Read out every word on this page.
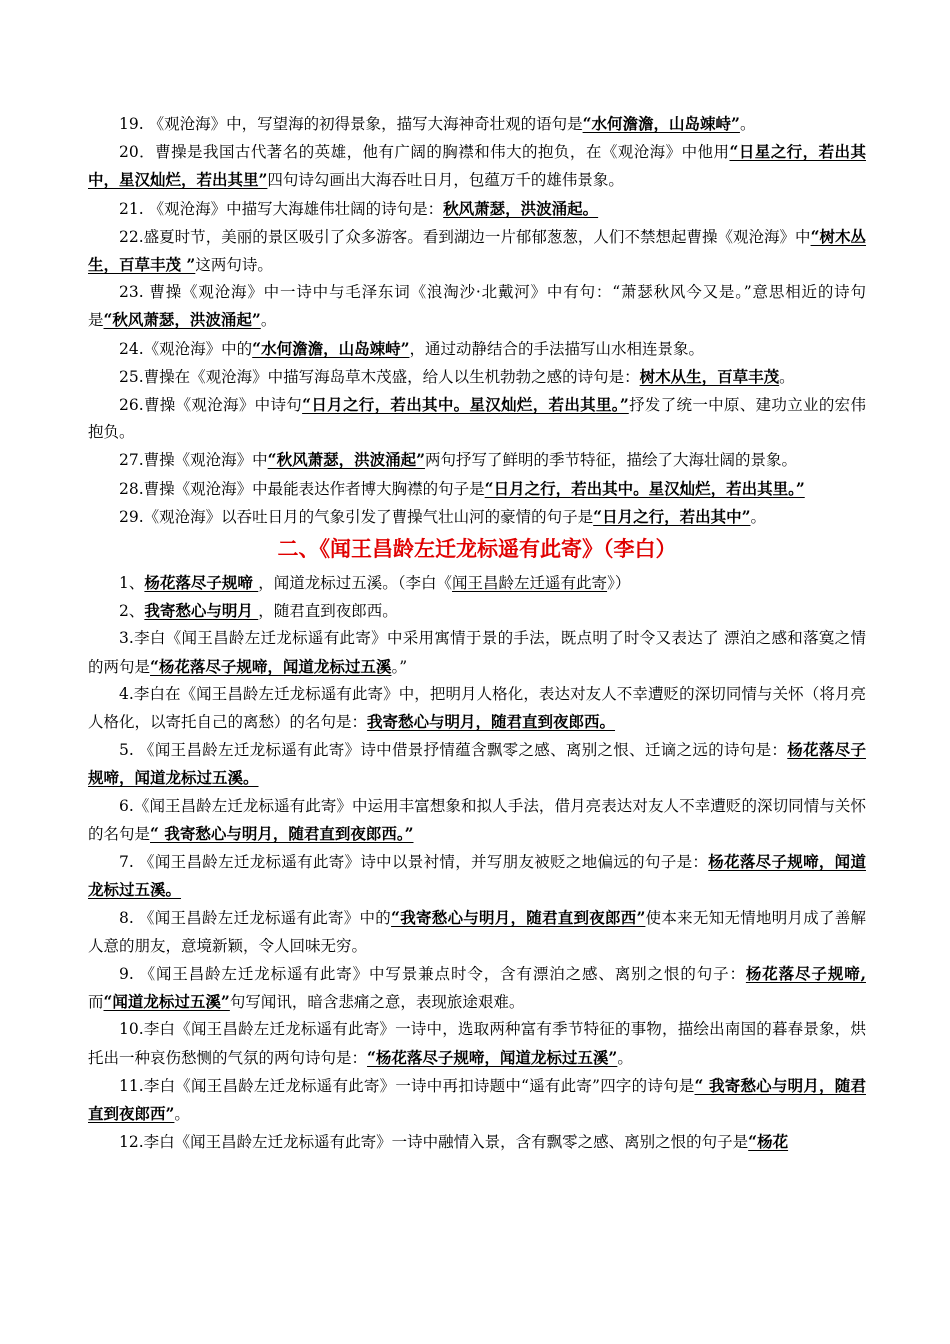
19. 《观沧海》中，写望海的初得景象，描写大海神奇壮观的语句是“水何澹澹，山岛竦峙”。

20．曹操是我国古代著名的英雄，他有广阔的胸襟和伟大的抱负，在《观沧海》中他用“日星之行，若出其中，星汉灿烂，若出其里”四句诗勾画出大海吞吐日月，包蕴万千的雄伟景象。

21. 《观沧海》中描写大海雄伟壮阔的诗句是：秋风萧瑟，洪波涌起。

22.盛夏时节，美丽的景区吸引了众多游客。看到湖边一片郁郁葱葱，人们不禁想起曹操《观沧海》中“树木丛生，百草丰茂 ”这两句诗。

23. 曹操《观沧海》中一诗中与毛泽东词《浪淘沙·北戴河》中有句：“萧瑟秋风今又是。”意思相近的诗句是“秋风萧瑟，洪波涌起”。

24.《观沧海》中的“水何澹澹，山岛竦峙”，通过动静结合的手法描写山水相连景象。

25.曹操在《观沧海》中描写海岛草木茂盛，给人以生机勃勃之感的诗句是：树木从生，百草丰茂。

26.曹操《观沧海》中诗句“日月之行，若出其中。星汉灿烂，若出其里。”抒发了统一中原、建功立业的宏伟抱负。

27.曹操《观沧海》中“秋风萧瑟，洪波涌起”两句抒写了鲜明的季节特征，描绘了大海壮阔的景象。

28.曹操《观沧海》中最能表达作者博大胸襟的句子是“日月之行，若出其中。星汉灿烂，若出其里。”

29.《观沧海》以吞吐日月的气象引发了曹操气壮山河的豪情的句子是“日月之行，若出其中”。

二、《闻王昌龄左迁龙标遥有此寄》（李白）

1、杨花落尽子规啼 ，闻道龙标过五溪。（李白《闻王昌龄左迁遥有此寄》）

2、我寄愁心与明月 ，随君直到夜郎西。

3.李白《闻王昌龄左迁龙标遥有此寄》中采用寓情于景的手法，既点明了时令又表达了 漂泊之感和落寞之情的两句是“杨花落尽子规啼，闻道龙标过五溪。”

4.李白在《闻王昌龄左迁龙标遥有此寄》中，把明月人格化，表达对友人不幸遭贬的深切同情与关怀（将月亮人格化，以寄托自己的离愁）的名句是：我寄愁心与明月，随君直到夜郎西。

5. 《闻王昌龄左迁龙标遥有此寄》诗中借景抒情蕴含飘零之感、离别之恨、迁谪之远的诗句是：杨花落尽子规啼，闻道龙标过五溪。

6.《闻王昌龄左迁龙标遥有此寄》中运用丰富想象和拟人手法，借月亮表达对友人不幸遭贬的深切同情与关怀的名句是“ 我寄愁心与明月，随君直到夜郎西。”

7. 《闻王昌龄左迁龙标遥有此寄》诗中以景衬情，并写朋友被贬之地偏远的句子是：杨花落尽子规啼，闻道龙标过五溪。

8. 《闻王昌龄左迁龙标遥有此寄》中的“我寄愁心与明月，随君直到夜郎西”使本来无知无情地明月成了善解人意的朋友，意境新颖，令人回味无穷。

9. 《闻王昌龄左迁龙标遥有此寄》中写景兼点时令，含有漂泊之感、离别之恨的句子：杨花落尽子规啼,而“闻道龙标过五溪”句写闻讯，暗含悲痛之意，表现旅途艰难。

10.李白《闻王昌龄左迁龙标遥有此寄》一诗中，选取两种富有季节特征的事物，描绘出南国的暮春景象，烘托出一种哀伤愁恻的气氛的两句诗句是：“杨花落尽子规啼，闻道龙标过五溪”。

11.李白《闻王昌龄左迁龙标遥有此寄》一诗中再扣诗题中“遥有此寄”四字的诗句是“ 我寄愁心与明月，随君直到夜郎西”。

12.李白《闻王昌龄左迁龙标遥有此寄》一诗中融情入景，含有飘零之感、离别之恨的句子是“杨花
